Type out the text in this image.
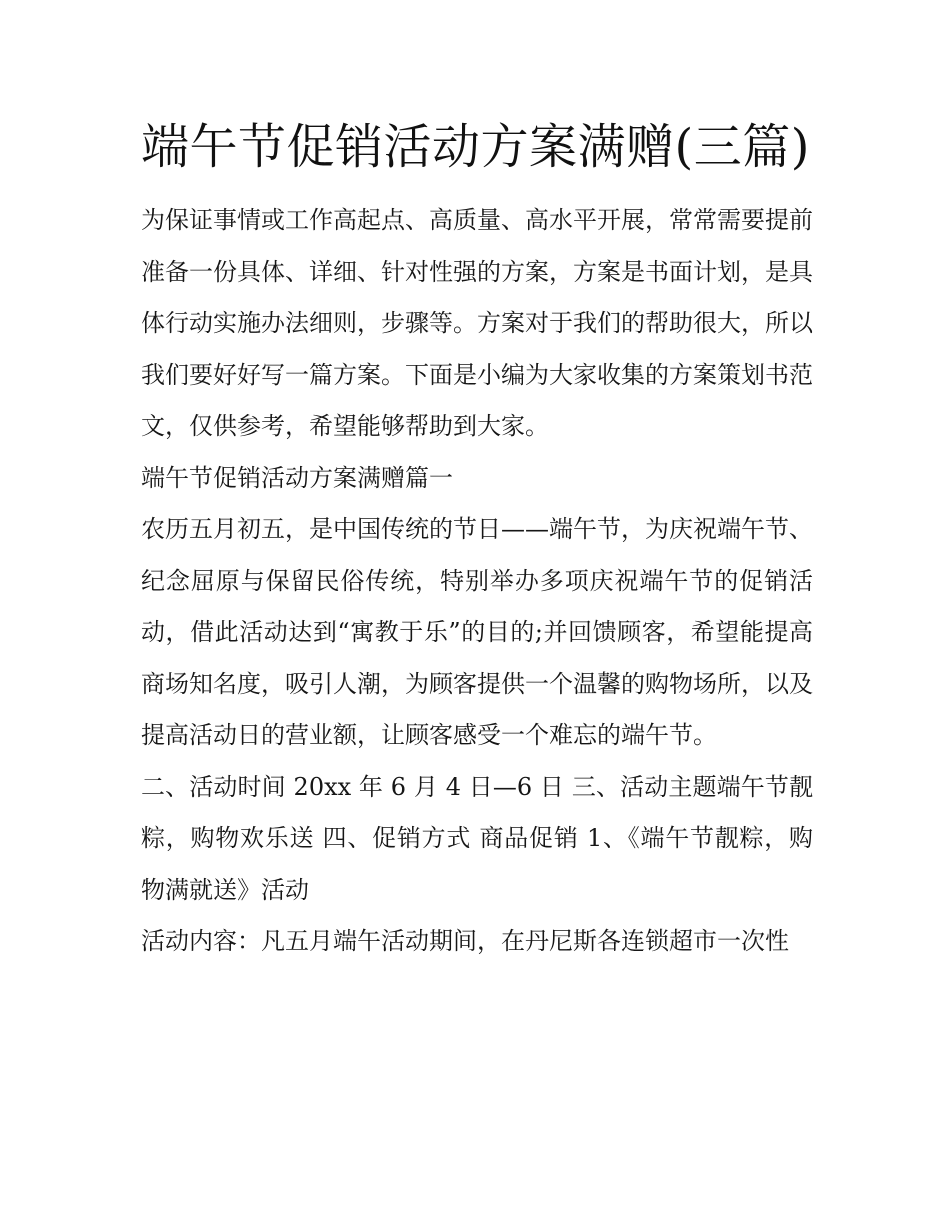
端午节促销活动方案满赠(三篇)

为保证事情或工作高起点、高质量、高水平开展，常常需要提前准备一份具体、详细、针对性强的方案，方案是书面计划，是具体行动实施办法细则，步骤等。方案对于我们的帮助很大，所以我们要好好写一篇方案。下面是小编为大家收集的方案策划书范文，仅供参考，希望能够帮助到大家。

端午节促销活动方案满赠篇一

农历五月初五，是中国传统的节日——端午节，为庆祝端午节、纪念屈原与保留民俗传统，特别举办多项庆祝端午节的促销活动，借此活动达到“寓教于乐”的目的;并回馈顾客，希望能提高商场知名度，吸引人潮，为顾客提供一个温馨的购物场所，以及提高活动日的营业额，让顾客感受一个难忘的端午节。

二、活动时间 20xx 年 6 月 4 日—6 日 三、活动主题端午节靓粽，购物欢乐送 四、促销方式 商品促销 1、《端午节靓粽，购物满就送》活动

活动内容：凡五月端午活动期间，在丹尼斯各连锁超市一次性
